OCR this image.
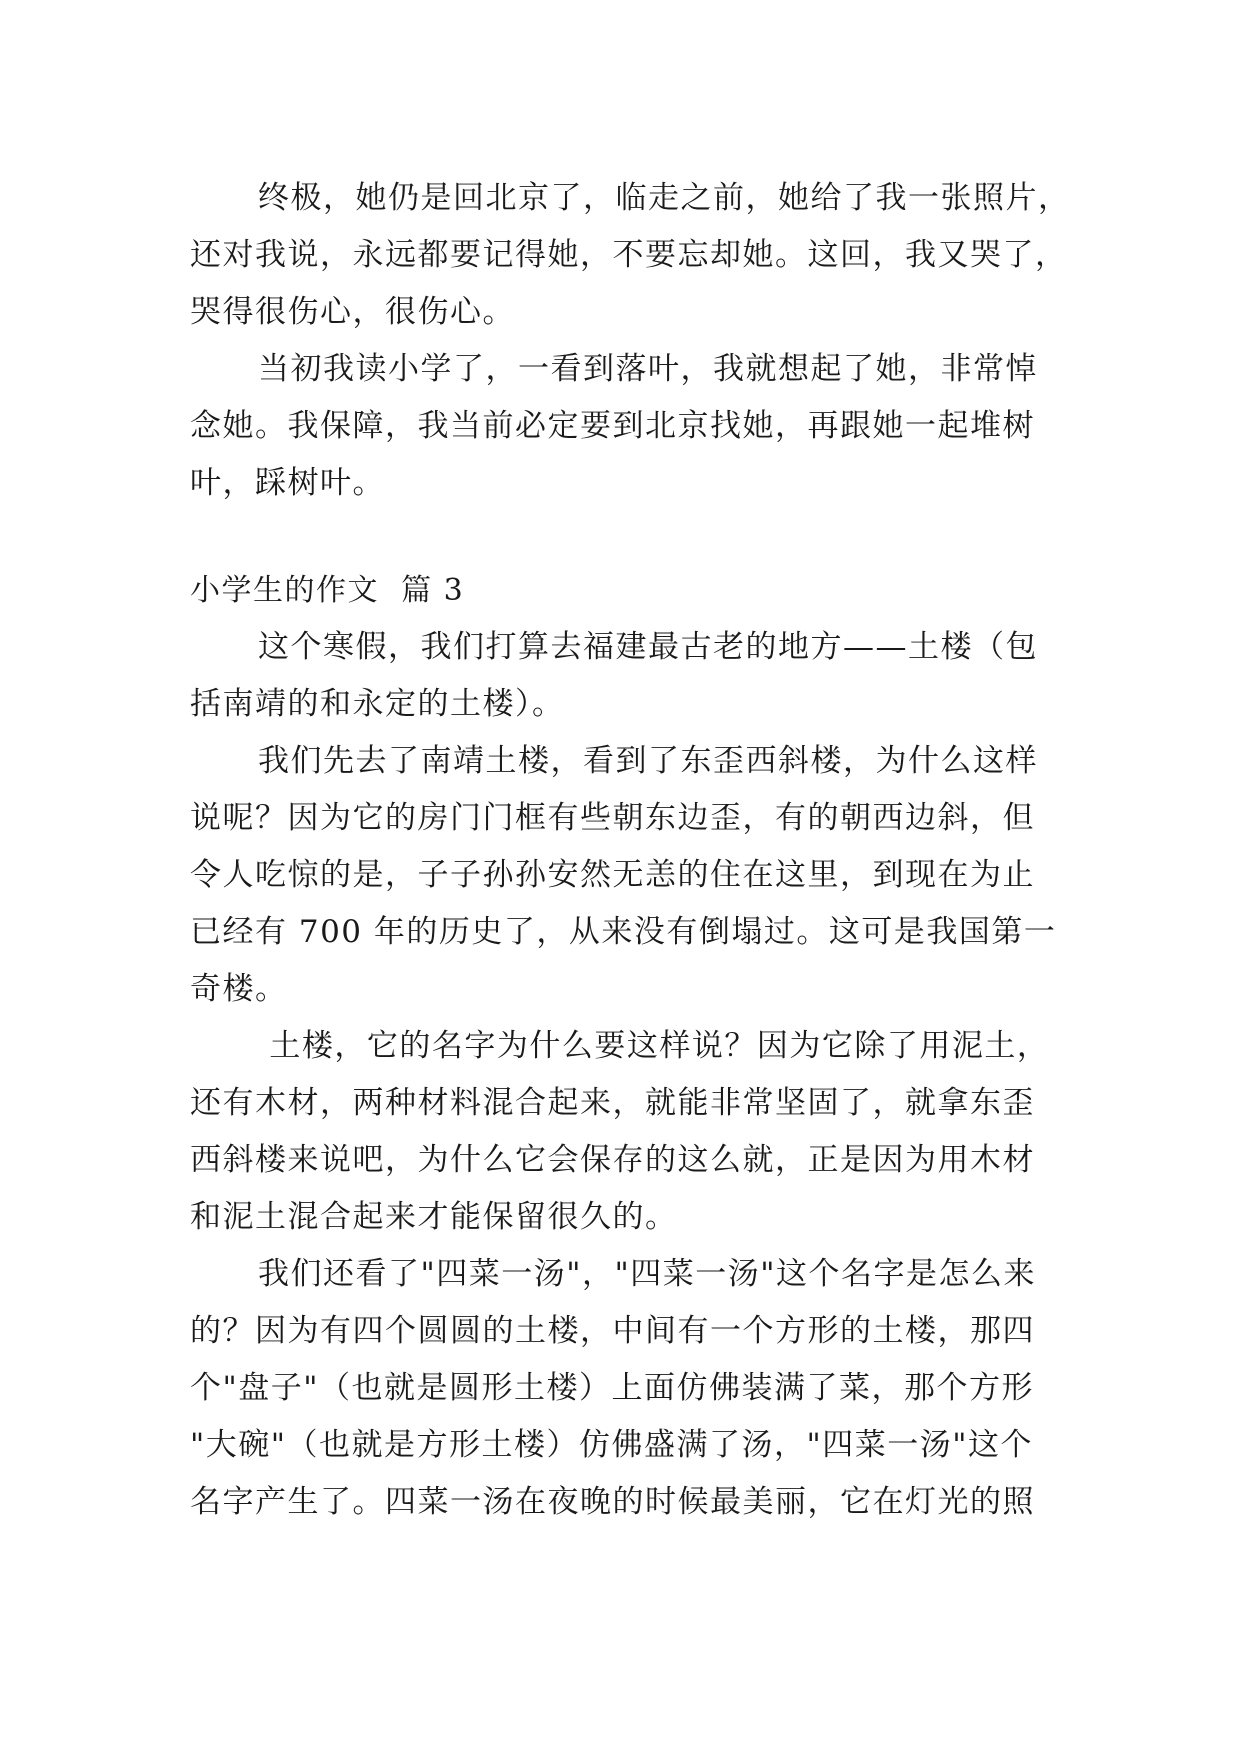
终极，她仍是回北京了，临走之前，她给了我一张照片，
还对我说，永远都要记得她，不要忘却她。这回，我又哭了，
哭得很伤心，很伤心。
当初我读小学了，一看到落叶，我就想起了她，非常悼
念她。我保障，我当前必定要到北京找她，再跟她一起堆树
叶，踩树叶。
小学生的作文  篇 3
这个寒假，我们打算去福建最古老的地方——土楼（包
括南靖的和永定的土楼）。
我们先去了南靖土楼，看到了东歪西斜楼，为什么这样
说呢？因为它的房门门框有些朝东边歪，有的朝西边斜，但
令人吃惊的是，子子孙孙安然无恙的住在这里，到现在为止
已经有 700 年的历史了，从来没有倒塌过。这可是我国第一
奇楼。
土楼，它的名字为什么要这样说？因为它除了用泥土，
还有木材，两种材料混合起来，就能非常坚固了，就拿东歪
西斜楼来说吧，为什么它会保存的这么就，正是因为用木材
和泥土混合起来才能保留很久的。
我们还看了"四菜一汤"，"四菜一汤"这个名字是怎么来
的？因为有四个圆圆的土楼，中间有一个方形的土楼，那四
个"盘子"（也就是圆形土楼）上面仿佛装满了菜，那个方形
"大碗"（也就是方形土楼）仿佛盛满了汤，"四菜一汤"这个
名字产生了。四菜一汤在夜晚的时候最美丽，它在灯光的照
